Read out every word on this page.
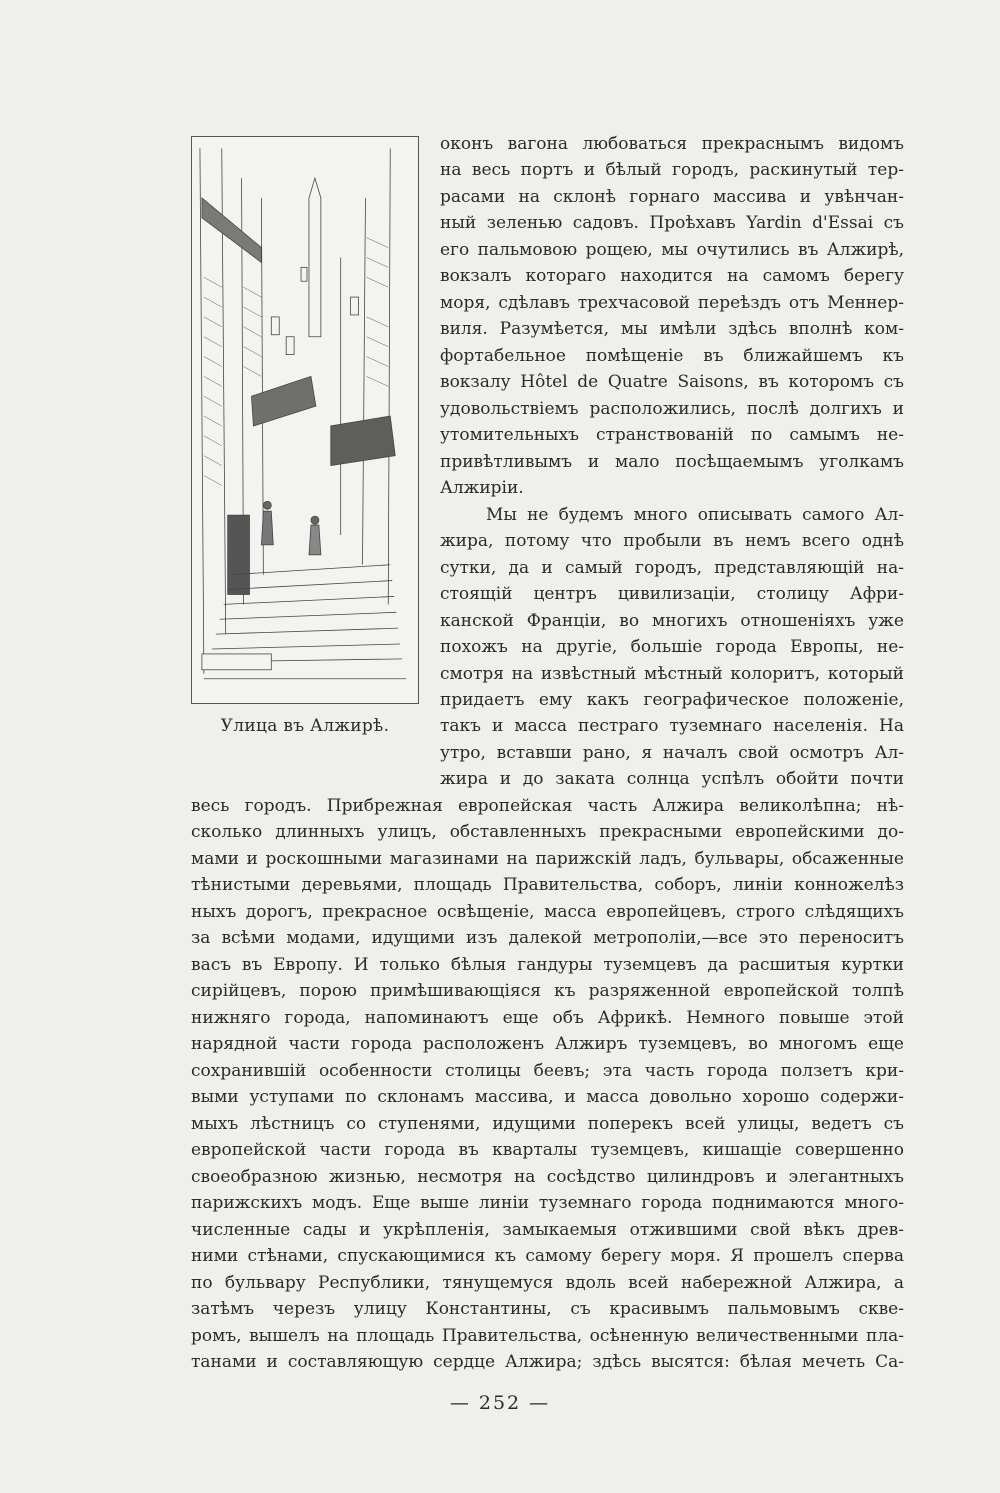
Улица въ Алжирѣ.
оконъ вагона любоваться прекраснымъ видомъ
на весь портъ и бѣлый городъ, раскинутый тер-
расами на склонѣ горнаго массива и увѣнчан-
ный зеленью садовъ. Проѣхавъ Yardin d'Essai съ
его пальмовою рощею, мы очутились въ Алжирѣ,
вокзалъ котораго находится на самомъ берегу
моря, сдѣлавъ трехчасовой переѣздъ отъ Меннер-
виля. Разумѣется, мы имѣли здѣсь вполнѣ ком-
фортабельное помѣщеніе въ ближайшемъ къ
вокзалу Hôtel de Quatre Saisons, въ которомъ съ
удовольствіемъ расположились, послѣ долгихъ и
утомительныхъ странствованій по самымъ не-
привѣтливымъ и мало посѣщаемымъ уголкамъ
Алжиріи.
Мы не будемъ много описывать самого Ал-
жира, потому что пробыли въ немъ всего однѣ
сутки, да и самый городъ, представляющій на-
стоящій центръ цивилизаціи, столицу Афри-
канской Франціи, во многихъ отношеніяхъ уже
похожъ на другіе, большіе города Европы, не-
смотря на извѣстный мѣстный колоритъ, который
придаетъ ему какъ географическое положеніе,
такъ и масса пестраго туземнаго населенія. На
утро, вставши рано, я началъ свой осмотръ Ал-
жира и до заката солнца успѣлъ обойти почти
весь городъ. Прибрежная европейская часть Алжира великолѣпна; нѣ-
сколько длинныхъ улицъ, обставленныхъ прекрасными европейскими до-
мами и роскошными магазинами на парижскій ладъ, бульвары, обсаженные
тѣнистыми деревьями, площадь Правительства, соборъ, линіи конножелѣз
ныхъ дорогъ, прекрасное освѣщеніе, масса европейцевъ, строго слѣдящихъ
за всѣми модами, идущими изъ далекой метрополіи,—все это переноситъ
васъ въ Европу. И только бѣлыя гандуры туземцевъ да расшитыя куртки
сирійцевъ, порою примѣшивающіяся къ разряженной европейской толпѣ
нижняго города, напоминаютъ еще объ Африкѣ. Немного повыше этой
нарядной части города расположенъ Алжиръ туземцевъ, во многомъ еще
сохранившій особенности столицы беевъ; эта часть города ползетъ кри-
выми уступами по склонамъ массива, и масса довольно хорошо содержи-
мыхъ лѣстницъ со ступенями, идущими поперекъ всей улицы, ведетъ съ
европейской части города въ кварталы туземцевъ, кишащіе совершенно
своеобразною жизнью, несмотря на сосѣдство цилиндровъ и элегантныхъ
парижскихъ модъ. Еще выше линіи туземнаго города поднимаются много-
численные сады и укрѣпленія, замыкаемыя отжившими свой вѣкъ древ-
ними стѣнами, спускающимися къ самому берегу моря. Я прошелъ сперва
по бульвару Республики, тянущемуся вдоль всей набережной Алжира, а
затѣмъ черезъ улицу Константины, съ красивымъ пальмовымъ скве-
ромъ, вышелъ на площадь Правительства, осѣненную величественными пла-
танами и составляющую сердце Алжира; здѣсь высятся: бѣлая мечеть Са-
— 252 —
